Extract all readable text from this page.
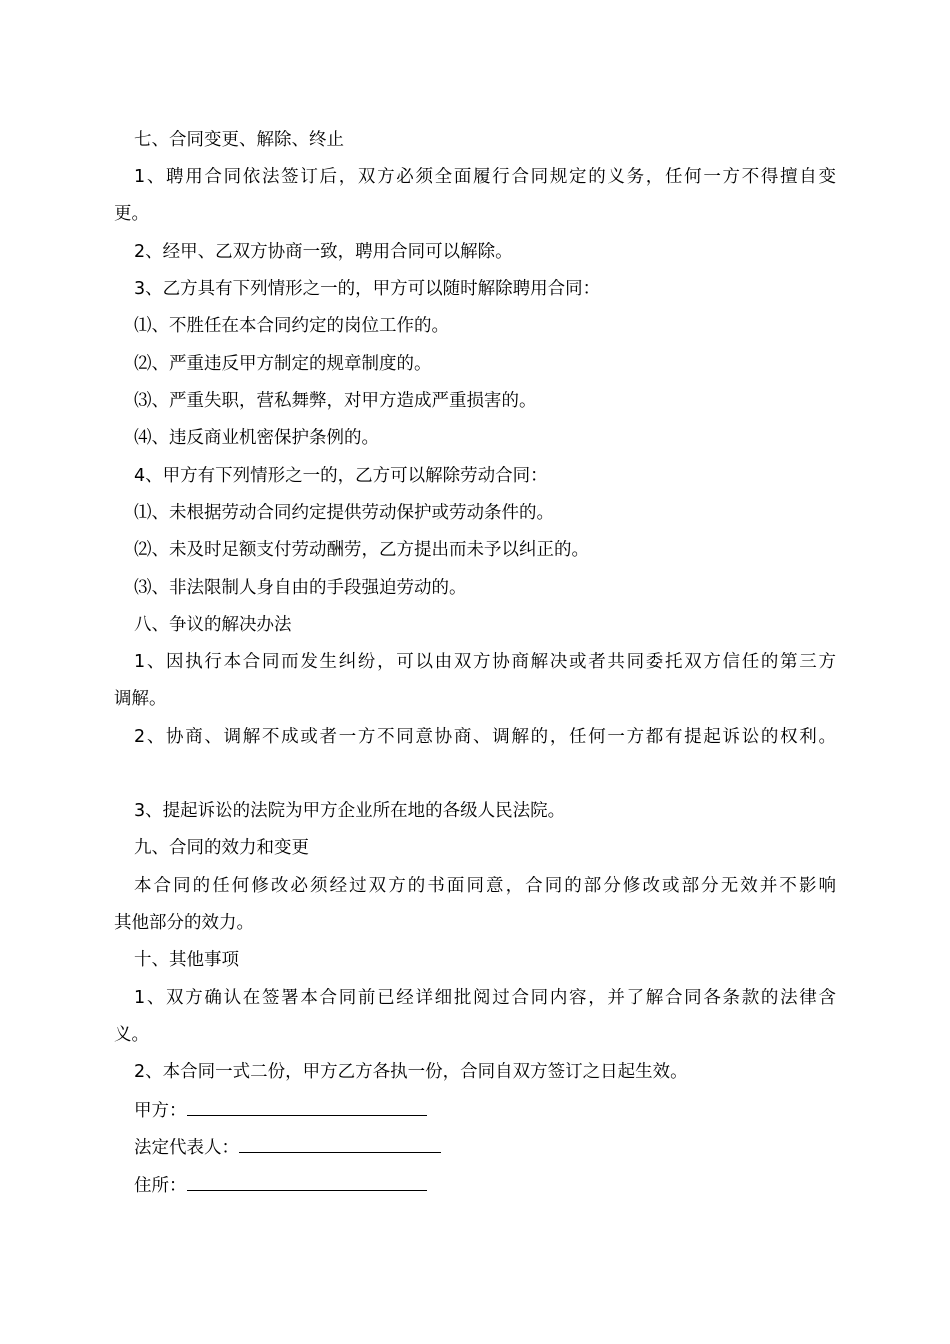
七、合同变更、解除、终止
1、聘用合同依法签订后，双方必须全面履行合同规定的义务，任何一方不得擅自变
更。
2、经甲、乙双方协商一致，聘用合同可以解除。
3、乙方具有下列情形之一的，甲方可以随时解除聘用合同：
⑴、不胜任在本合同约定的岗位工作的。
⑵、严重违反甲方制定的规章制度的。
⑶、严重失职，营私舞弊，对甲方造成严重损害的。
⑷、违反商业机密保护条例的。
4、甲方有下列情形之一的，乙方可以解除劳动合同：
⑴、未根据劳动合同约定提供劳动保护或劳动条件的。
⑵、未及时足额支付劳动酬劳，乙方提出而未予以纠正的。
⑶、非法限制人身自由的手段强迫劳动的。
八、争议的解决办法
1、因执行本合同而发生纠纷，可以由双方协商解决或者共同委托双方信任的第三方
调解。
2、协商、调解不成或者一方不同意协商、调解的，任何一方都有提起诉讼的权利。
3、提起诉讼的法院为甲方企业所在地的各级人民法院。
九、合同的效力和变更
本合同的任何修改必须经过双方的书面同意，合同的部分修改或部分无效并不影响
其他部分的效力。
十、其他事项
1、双方确认在签署本合同前已经详细批阅过合同内容，并了解合同各条款的法律含
义。
2、本合同一式二份，甲方乙方各执一份，合同自双方签订之日起生效。
甲方：
法定代表人：
住所：
